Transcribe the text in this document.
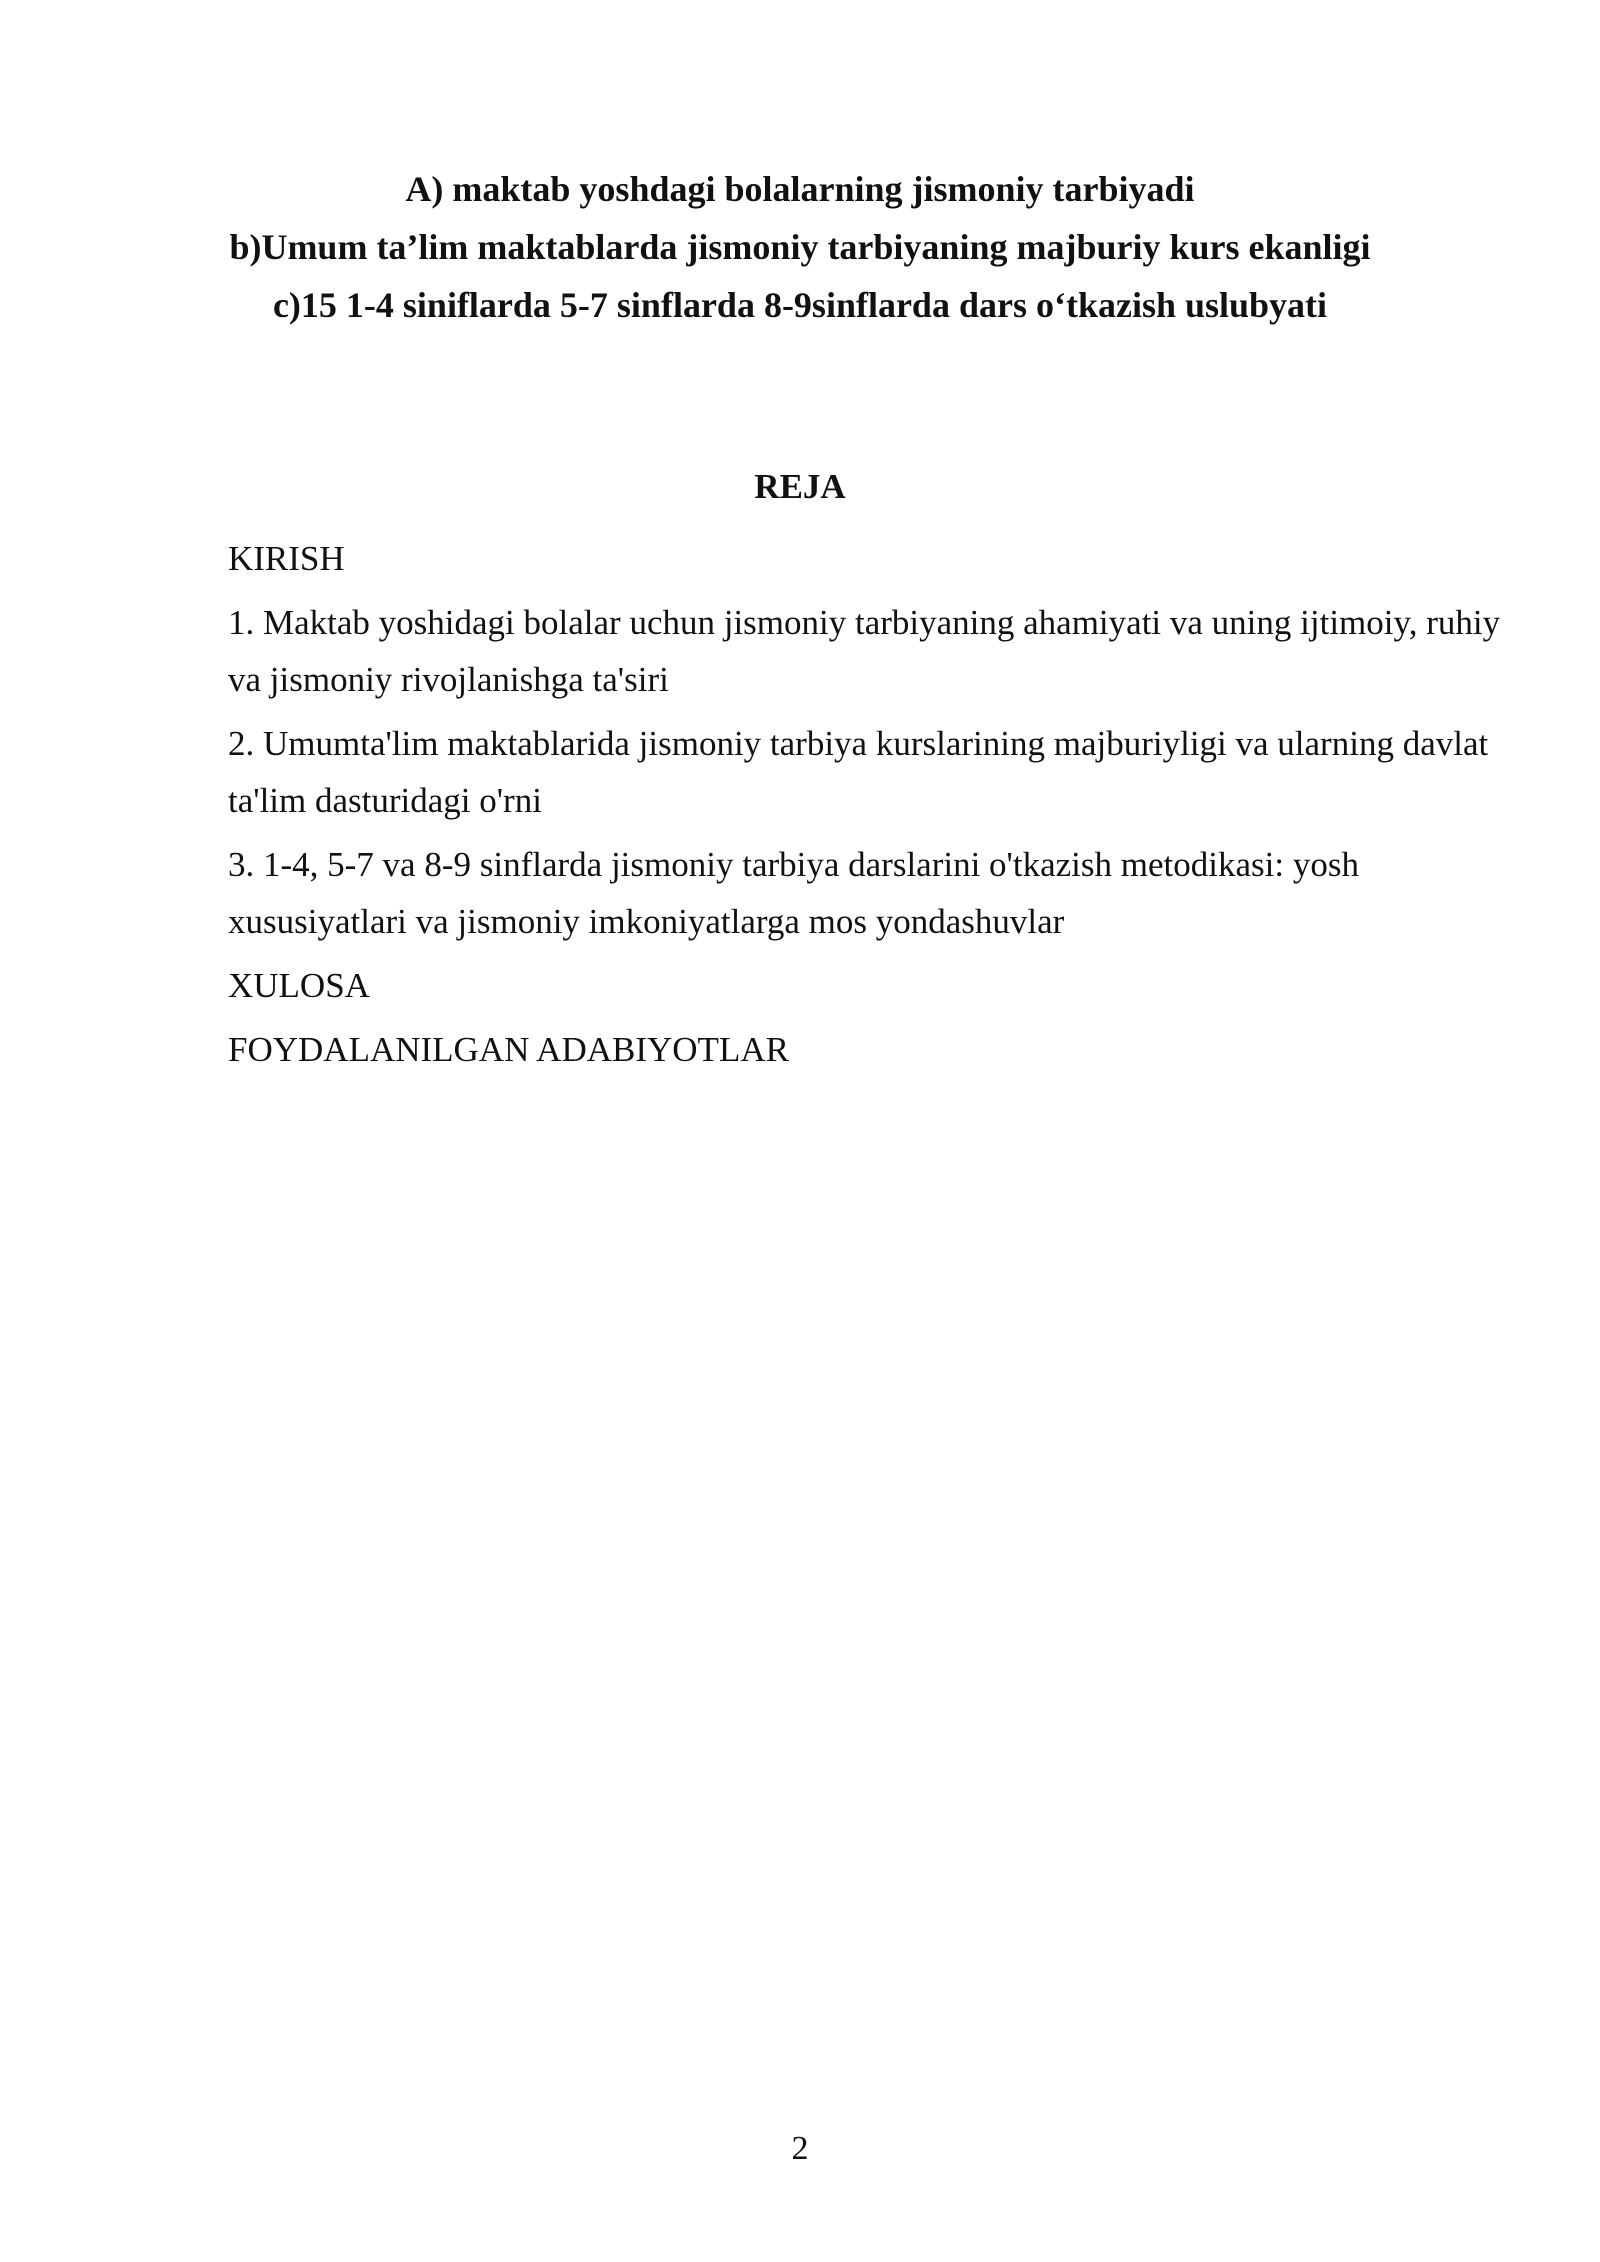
A) maktab yoshdagi bolalarning jismoniy tarbiyadi

b)Umum ta’lim maktablarda jismoniy tarbiyaning majburiy kurs ekanligi

c)15 1-4 siniflarda 5-7 sinflarda 8-9sinflarda dars o‘tkazish uslubyati

REJA

KIRISH
1. Maktab yoshidagi bolalar uchun jismoniy tarbiyaning ahamiyati va uning ijtimoiy, ruhiy va jismoniy rivojlanishga ta'siri
2. Umumta'lim maktablarida jismoniy tarbiya kurslarining majburiyligi va ularning davlat ta'lim dasturidagi o'rni
3. 1-4, 5-7 va 8-9 sinflarda jismoniy tarbiya darslarini o'tkazish metodikasi: yosh xususiyatlari va jismoniy imkoniyatlarga mos yondashuvlar
XULOSA
FOYDALANILGAN ADABIYOTLAR

2
